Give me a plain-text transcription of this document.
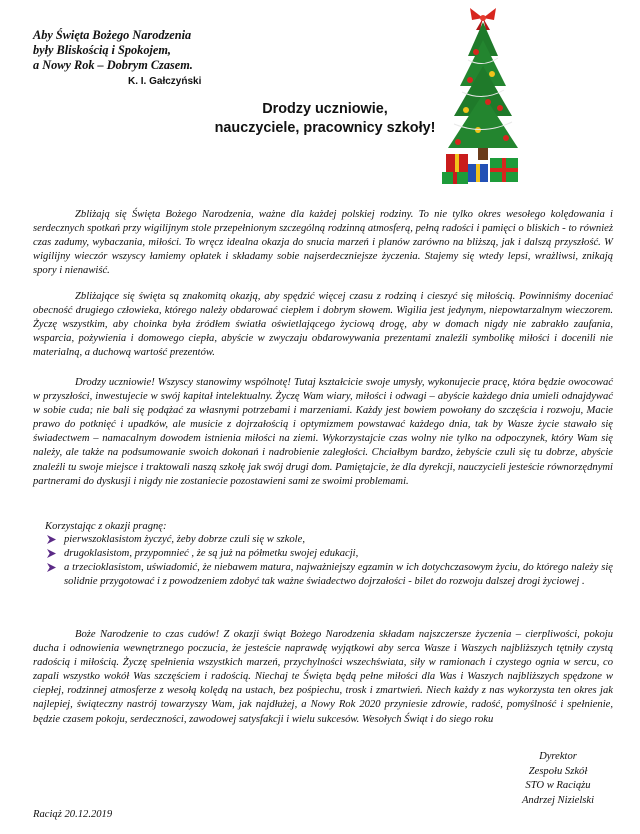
Aby Święta Bożego Narodzenia
były Bliskością i Spokojem,
a Nowy Rok – Dobrym Czasem.
K. I. Gałczyński
Drodzy uczniowie,
nauczyciele, pracownicy szkoły!

Zbliżają się Święta Bożego Narodzenia, ważne dla każdej polskiej rodziny. To nie tylko okres wesołego kolędowania i serdecznych spotkań przy wigilijnym stole przepełnionym szczególną rodzinną atmosferą, pełną radości i pamięci o bliskich - to również czas zadumy, wybaczania, miłości. To wręcz idealna okazja do snucia marzeń i planów zarówno na bliższą, jak i dalszą przyszłość. W wigilijny wieczór wszyscy łamiemy opłatek i składamy sobie najserdeczniejsze życzenia. Stajemy się wtedy lepsi, wrażliwsi, znikają spory i nienawiść.

Zbliżające się święta są znakomitą okazją, aby spędzić więcej czasu z rodziną i cieszyć się miłością. Powinniśmy doceniać obecność drugiego człowieka, którego należy obdarować ciepłem i dobrym słowem. Wigilia jest jedynym, niepowtarzalnym wieczorem. Życzę wszystkim, aby choinka była źródłem światła oświetlającego życiową drogę, aby w domach nigdy nie zabrakło zaufania, wsparcia, pożywienia i domowego ciepła, abyście w zwyczaju obdarowywania prezentami znaleźli symbolikę miłości i docenili nie materialną, a duchową wartość prezentów.

Drodzy uczniowie! Wszyscy stanowimy wspólnotę! Tutaj kształcicie swoje umysły, wykonujecie pracę, która będzie owocować w przyszłości, inwestujecie w swój kapitał intelektualny. Życzę Wam wiary, miłości i odwagi – abyście każdego dnia umieli odnajdywać w sobie cuda; nie bali się podążać za własnymi potrzebami i marzeniami. Każdy jest bowiem powołany do szczęścia i rozwoju, Macie prawo do potknięć i upadków, ale musicie z dojrzałością i optymizmem powstawać każdego dnia, tak by Wasze życie stawało się świadectwem – namacalnym dowodem istnienia miłości na ziemi. Wykorzystajcie czas wolny nie tylko na odpoczynek, który Wam się należy, ale także na podsumowanie swoich dokonań i nadrobienie zaległości. Chciałbym bardzo, żebyście czuli się tu dobrze, abyście znaleźli tu swoje miejsce i traktowali naszą szkołę jak swój drugi dom. Pamiętajcie, że dla dyrekcji, nauczycieli jesteście równorzędnymi partnerami do dyskusji i nigdy nie zostaniecie pozostawieni sami ze swoimi problemami.

Korzystając z okazji pragnę:
pierwszoklasistom życzyć, żeby dobrze czuli się w szkole,
drugoklasistom, przypomnieć , że są już na półmetku swojej edukacji,
a trzecioklasistom, uświadomić, że niebawem matura, najważniejszy egzamin w ich dotychczasowym życiu, do którego należy się solidnie przygotować i z powodzeniem zdobyć tak ważne świadectwo dojrzałości - bilet do rozwoju dalszej drogi życiowej .

Boże Narodzenie to czas cudów! Z okazji świąt Bożego Narodzenia składam najszczersze życzenia – cierpliwości, pokoju ducha i odnowienia wewnętrznego poczucia, że jesteście naprawdę wyjątkowi aby serca Wasze i Waszych najbliższych tętniły czystą radością i miłością. Życzę spełnienia wszystkich marzeń, przychylności wszechświata, siły w ramionach i czystego ognia w sercu, co zapali wszystko wokół Was szczęściem i radością. Niechaj te Święta będą pełne miłości dla Was i Waszych najbliższych spędzone w ciepłej, rodzinnej atmosferze z wesołą kolędą na ustach, bez pośpiechu, trosk i zmartwień. Niech każdy z nas wykorzysta ten okres jak najlepiej, świąteczny nastrój towarzyszy Wam, jak najdłużej, a Nowy Rok 2020 przyniesie zdrowie, radość, pomyślność i spełnienie, będzie czasem pokoju, serdeczności, zawodowej satysfakcji i wielu sukcesów. Wesołych Świąt i do siego roku

Dyrektor
Zespołu Szkół
STO w Raciążu
Andrzej Nizielski
Raciąż 20.12.2019
